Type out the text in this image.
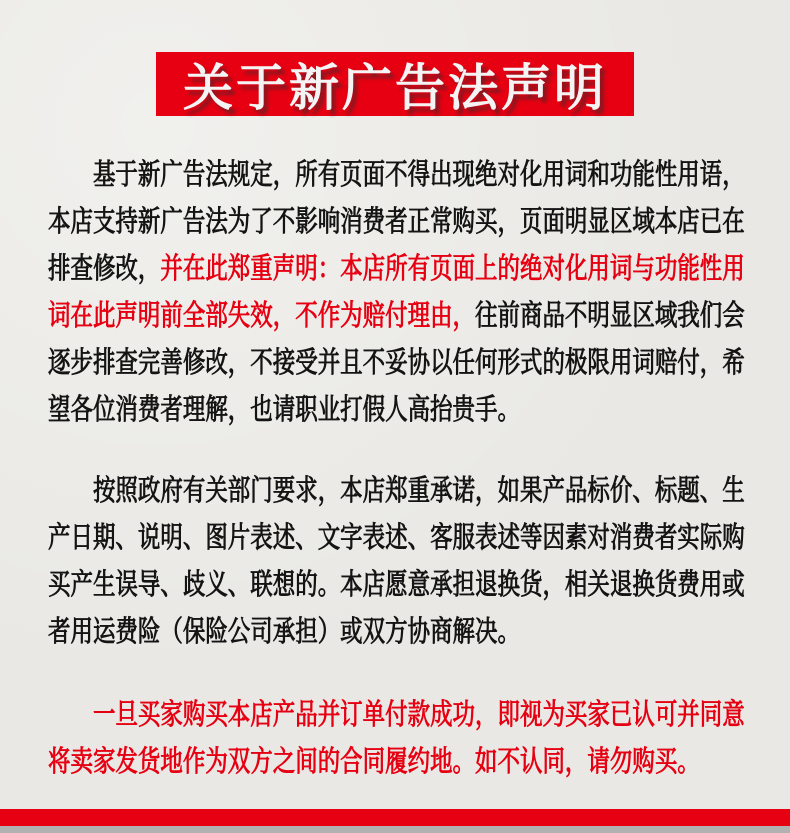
关于新广告法声明
基于新广告法规定，所有页面不得出现绝对化用词和功能性用语，
本店支持新广告法为了不影响消费者正常购买，页面明显区域本店已在
排查修改，并在此郑重声明：本店所有页面上的绝对化用词与功能性用
词在此声明前全部失效，不作为赔付理由，往前商品不明显区域我们会
逐步排查完善修改，不接受并且不妥协以任何形式的极限用词赔付，希
望各位消费者理解，也请职业打假人高抬贵手。
按照政府有关部门要求，本店郑重承诺，如果产品标价、标题、生
产日期、说明、图片表述、文字表述、客服表述等因素对消费者实际购
买产生误导、歧义、联想的。本店愿意承担退换货，相关退换货费用或
者用运费险（保险公司承担）或双方协商解决。
一旦买家购买本店产品并订单付款成功，即视为买家已认可并同意
将卖家发货地作为双方之间的合同履约地。如不认同，请勿购买。
